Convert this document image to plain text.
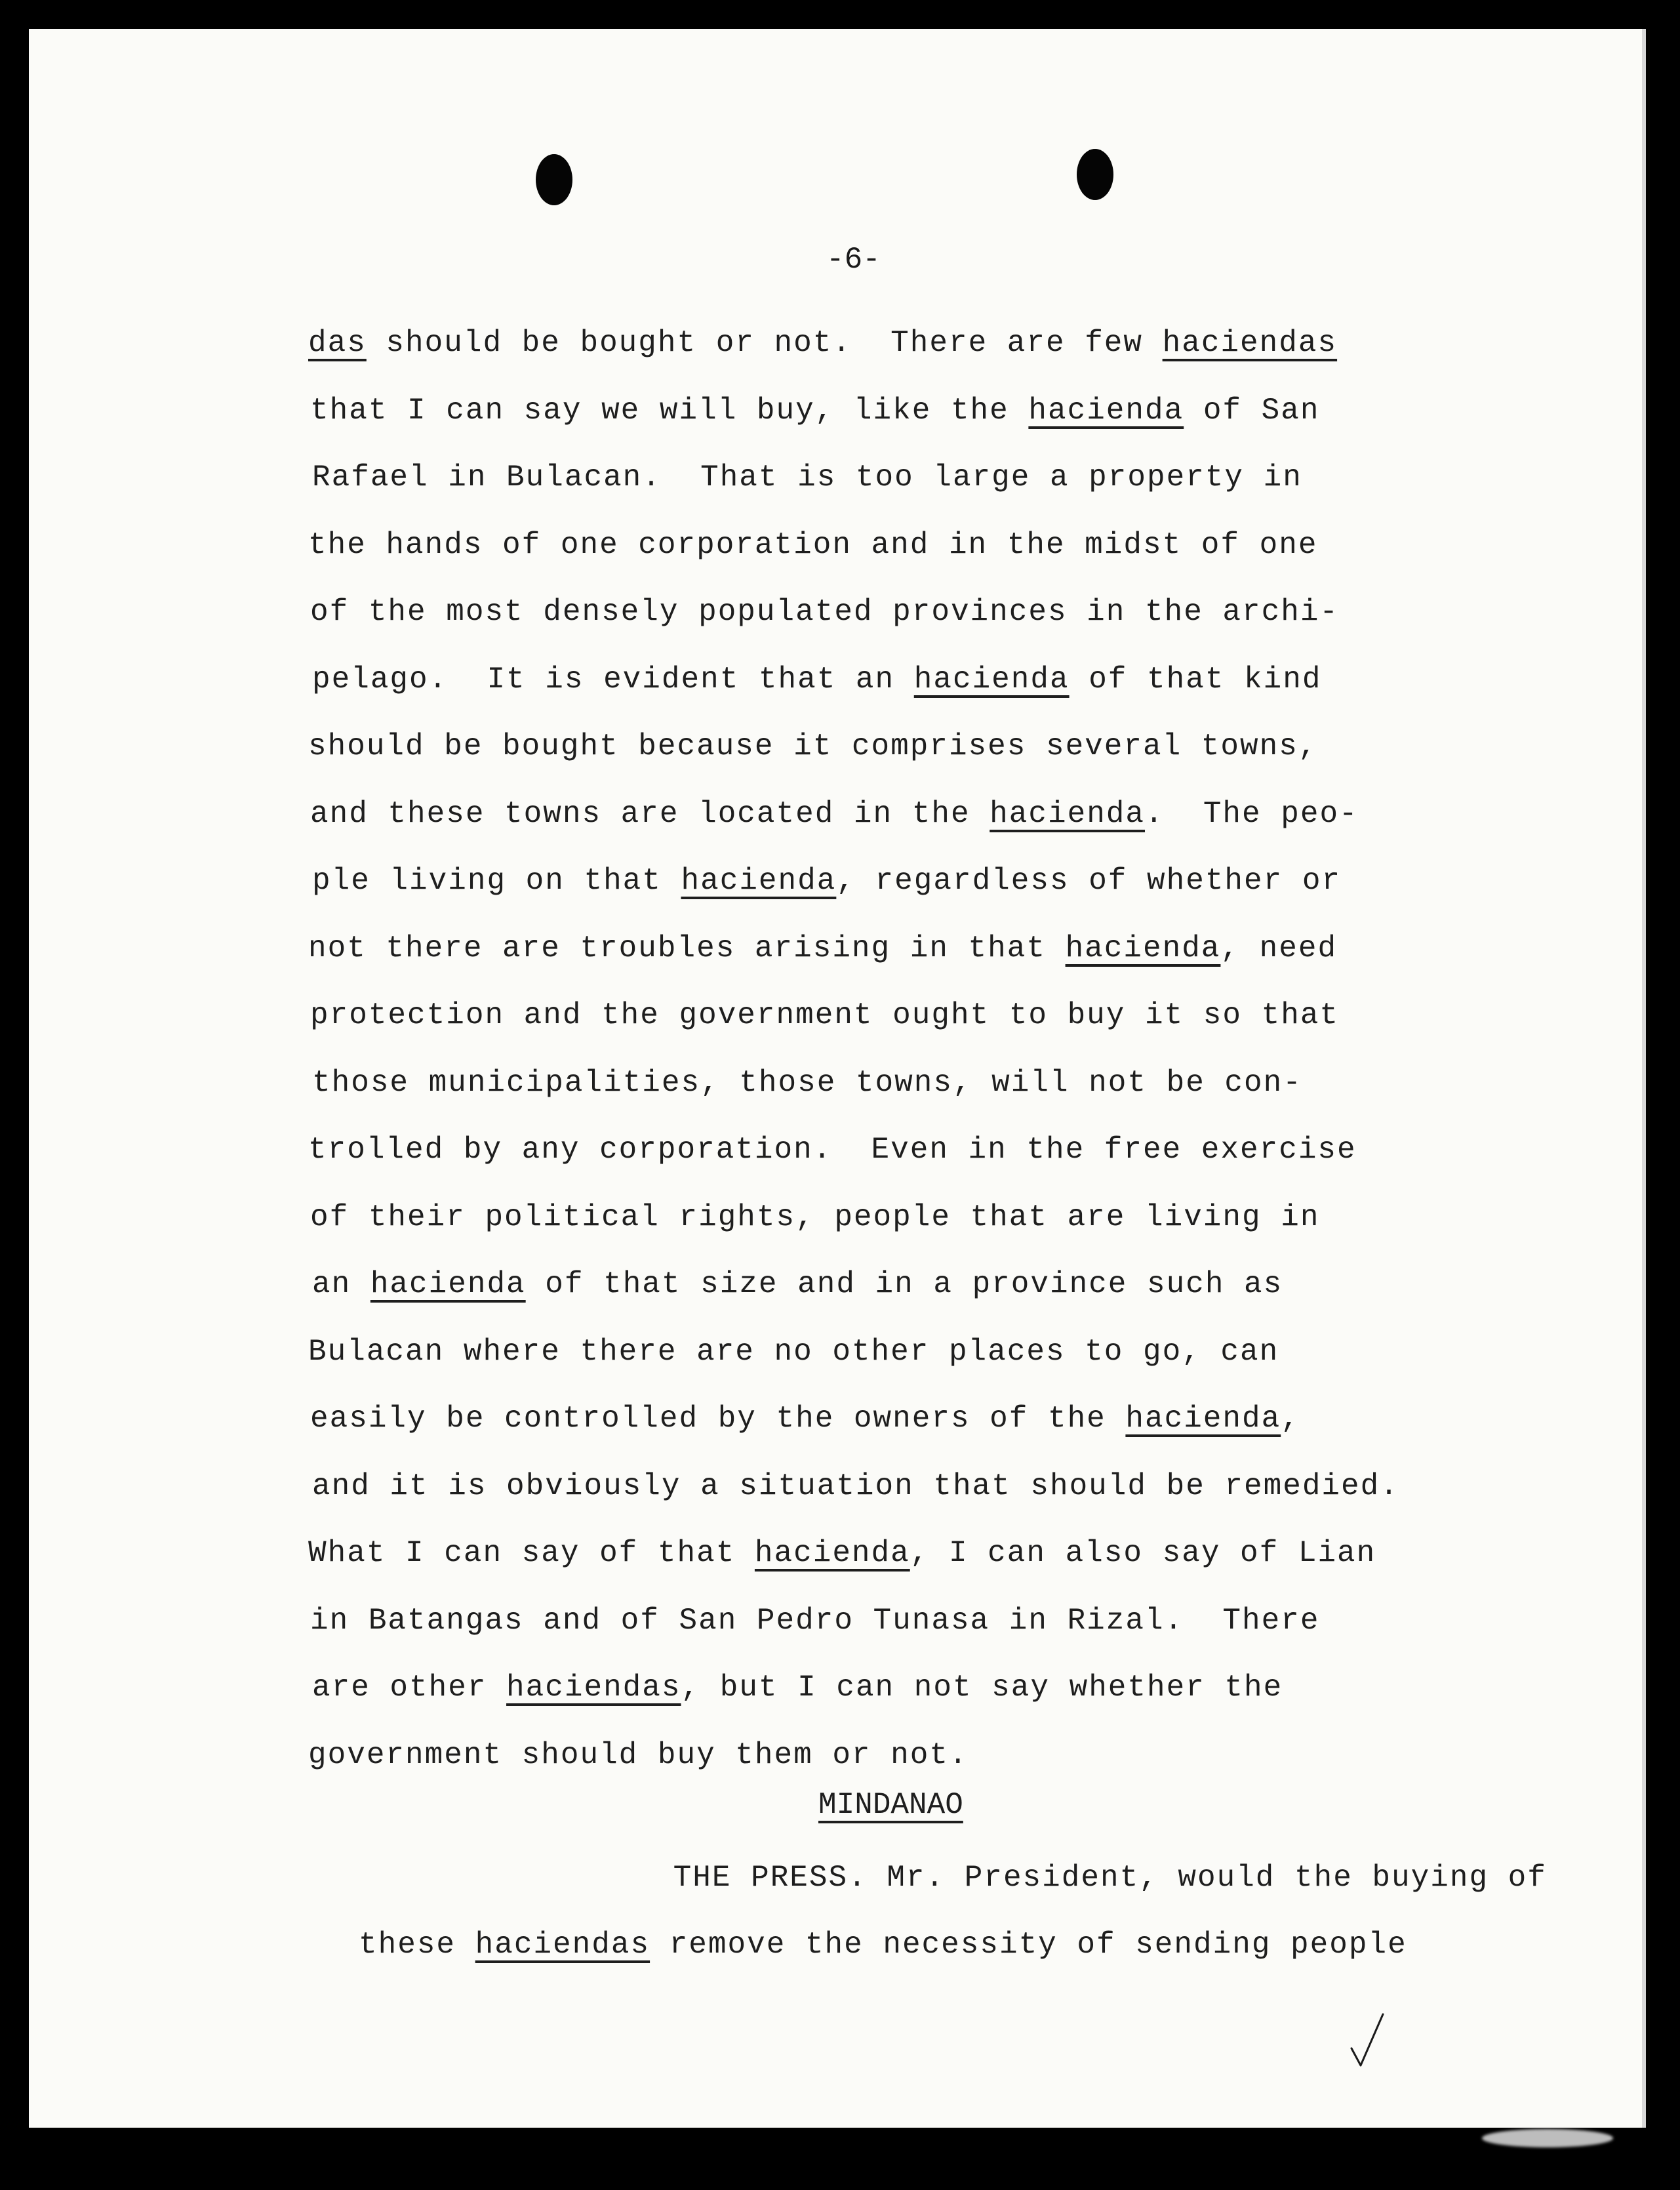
-6-
das should be bought or not.  There are few haciendas
that I can say we will buy, like the hacienda of San
Rafael in Bulacan.  That is too large a property in
the hands of one corporation and in the midst of one
of the most densely populated provinces in the archi-
pelago.  It is evident that an hacienda of that kind
should be bought because it comprises several towns,
and these towns are located in the hacienda.  The peo-
ple living on that hacienda, regardless of whether or
not there are troubles arising in that hacienda, need
protection and the government ought to buy it so that
those municipalities, those towns, will not be con-
trolled by any corporation.  Even in the free exercise
of their political rights, people that are living in
an hacienda of that size and in a province such as
Bulacan where there are no other places to go, can
easily be controlled by the owners of the hacienda,
and it is obviously a situation that should be remedied.
What I can say of that hacienda, I can also say of Lian
in Batangas and of San Pedro Tunasa in Rizal.  There
are other haciendas, but I can not say whether the
government should buy them or not.
MINDANAO
THE PRESS. Mr. President, would the buying of
these haciendas remove the necessity of sending people
